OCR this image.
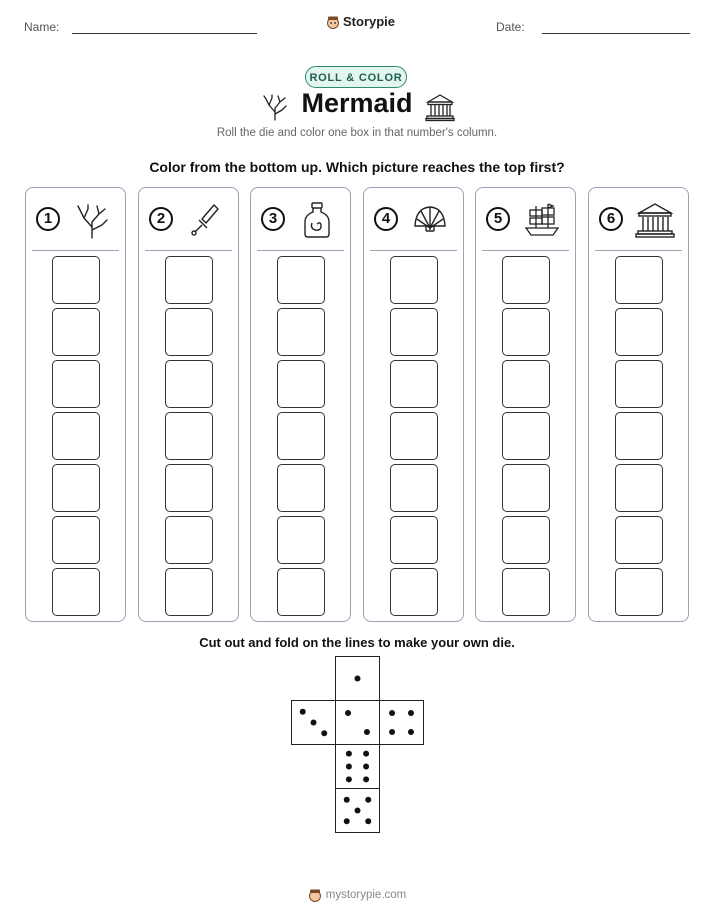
Name:	Storypie	Date:
ROLL & COLOR
Mermaid
Roll the die and color one box in that number's column.
Color from the bottom up. Which picture reaches the top first?
1	2	3	4	5	6
Cut out and fold on the lines to make your own die.
mystorypie.com
